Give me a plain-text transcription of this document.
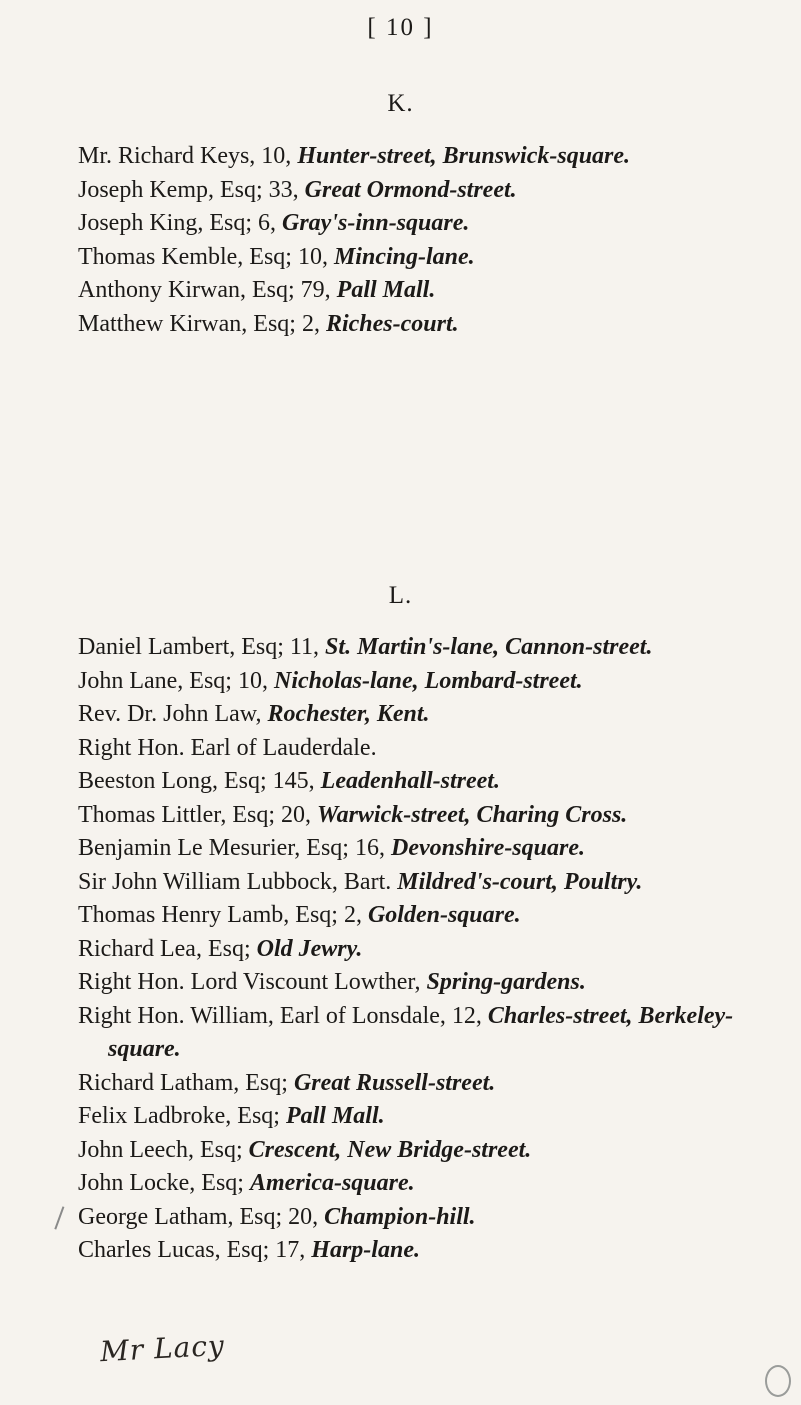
[ 10 ]
K.

Mr. Richard Keys, 10, Hunter-street, Brunswick-square.

Joseph Kemp, Esq; 33, Great Ormond-street.

Joseph King, Esq; 6, Gray's-inn-square.

Thomas Kemble, Esq; 10, Mincing-lane.

Anthony Kirwan, Esq; 79, Pall Mall.

Matthew Kirwan, Esq; 2, Riches-court.

L.

Daniel Lambert, Esq; 11, St. Martin's-lane, Cannon-street.

John Lane, Esq; 10, Nicholas-lane, Lombard-street.

Rev. Dr. John Law, Rochester, Kent.

Right Hon. Earl of Lauderdale.

Beeston Long, Esq; 145, Leadenhall-street.

Thomas Littler, Esq; 20, Warwick-street, Charing Cross.

Benjamin Le Mesurier, Esq; 16, Devonshire-square.

Sir John William Lubbock, Bart. Mildred's-court, Poultry.

Thomas Henry Lamb, Esq; 2, Golden-square.

Richard Lea, Esq; Old Jewry.

Right Hon. Lord Viscount Lowther, Spring-gardens.

Right Hon. William, Earl of Lonsdale, 12, Charles-street, Berkeley-square.

Richard Latham, Esq; Great Russell-street.

Felix Ladbroke, Esq; Pall Mall.

John Leech, Esq; Crescent, New Bridge-street.

John Locke, Esq; America-square.

George Latham, Esq; 20, Champion-hill.

Charles Lucas, Esq; 17, Harp-lane.

Mr Lacy
